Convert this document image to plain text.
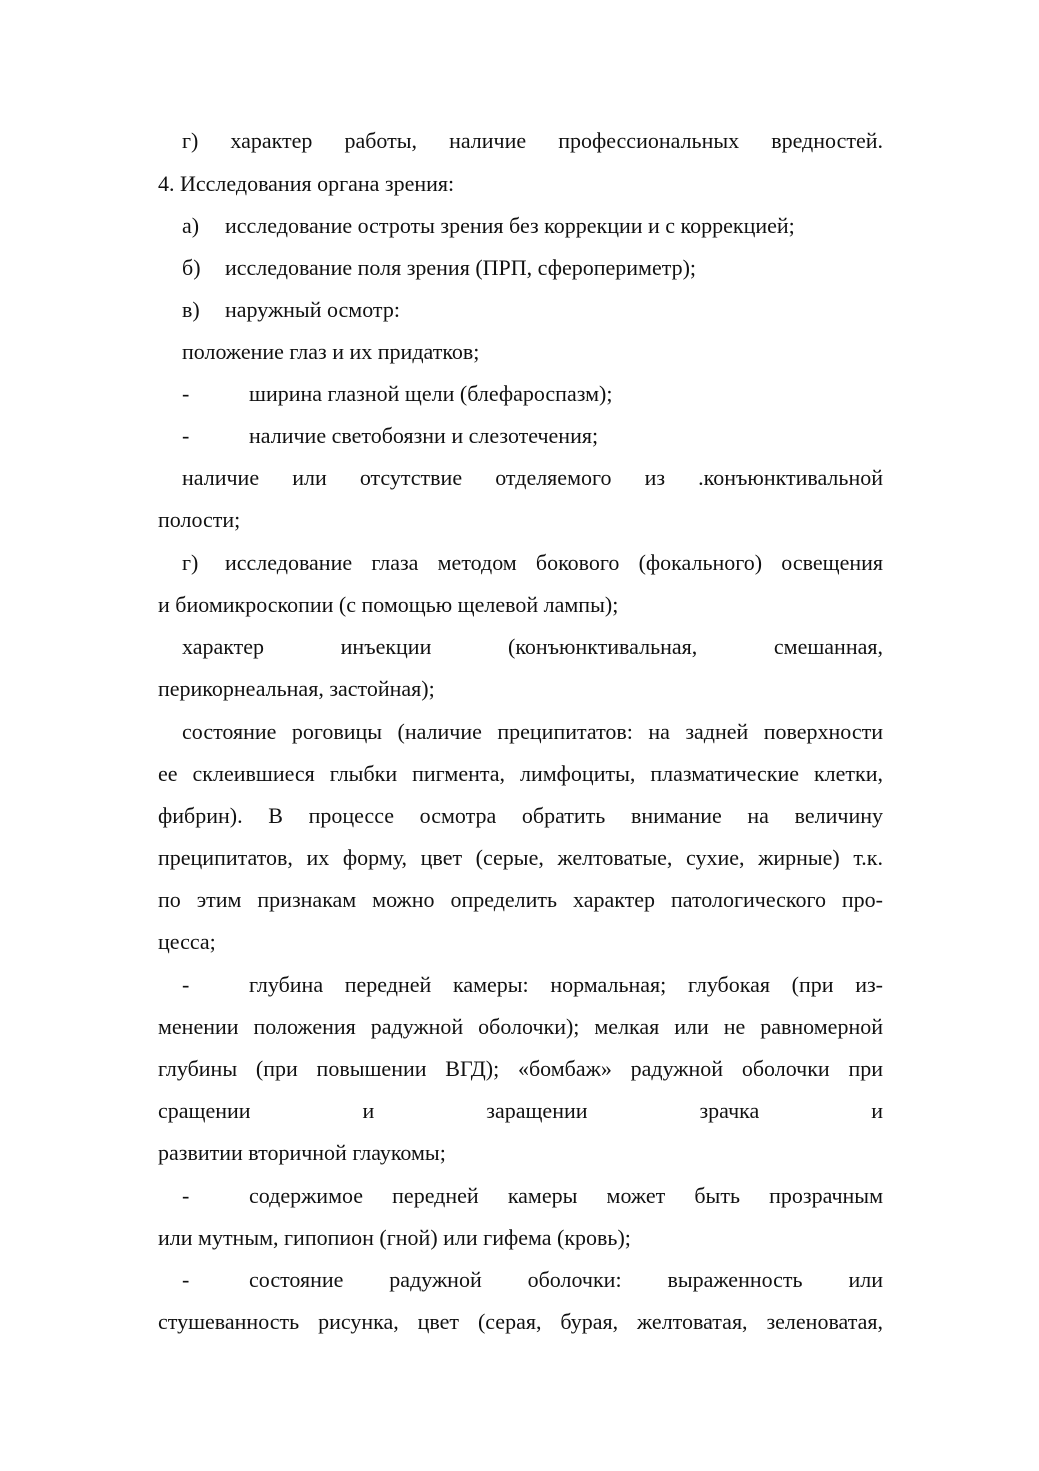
г) характер работы, наличие профессиональных вредностей.
4. Исследования органа зрения:
а) исследование остроты зрения без коррекции и с коррекцией;
б) исследование поля зрения (ПРП, сферопериметр);
в) наружный осмотр:
положение глаз и их придатков;
-	ширина глазной щели (блефароспазм);
-	наличие светобоязни и слезотечения;
наличие или отсутствие отделяемого из .конъюнктивальной
полости;
г) исследование глаза методом бокового (фокального) освещения
и биомикроскопии (с помощью щелевой лампы);
характер инъекции (конъюнктивальная, смешанная,
перикорнеальная, застойная);
состояние роговицы (наличие преципитатов: на задней поверхности
ее склеившиеся глыбки пигмента, лимфоциты, плазматические клетки,
фибрин). В процессе осмотра обратить внимание на величину
преципитатов, их форму, цвет (серые, желтоватые, сухие, жирные) т.к.
по этим признакам можно определить характер патологического про-
цесса;
-	глубина передней камеры: нормальная; глубокая (при из-
менении положения радужной оболочки); мелкая или не равномерной
глубины (при повышении ВГД); «бомбаж» радужной оболочки при
сращении и заращении зрачка и
развитии вторичной глаукомы;
-	содержимое передней камеры может быть прозрачным
или мутным, гипопион (гной) или гифема (кровь);
-	состояние радужной оболочки: выраженность или
стушеванность рисунка, цвет (серая, бурая, желтоватая, зеленоватая,
